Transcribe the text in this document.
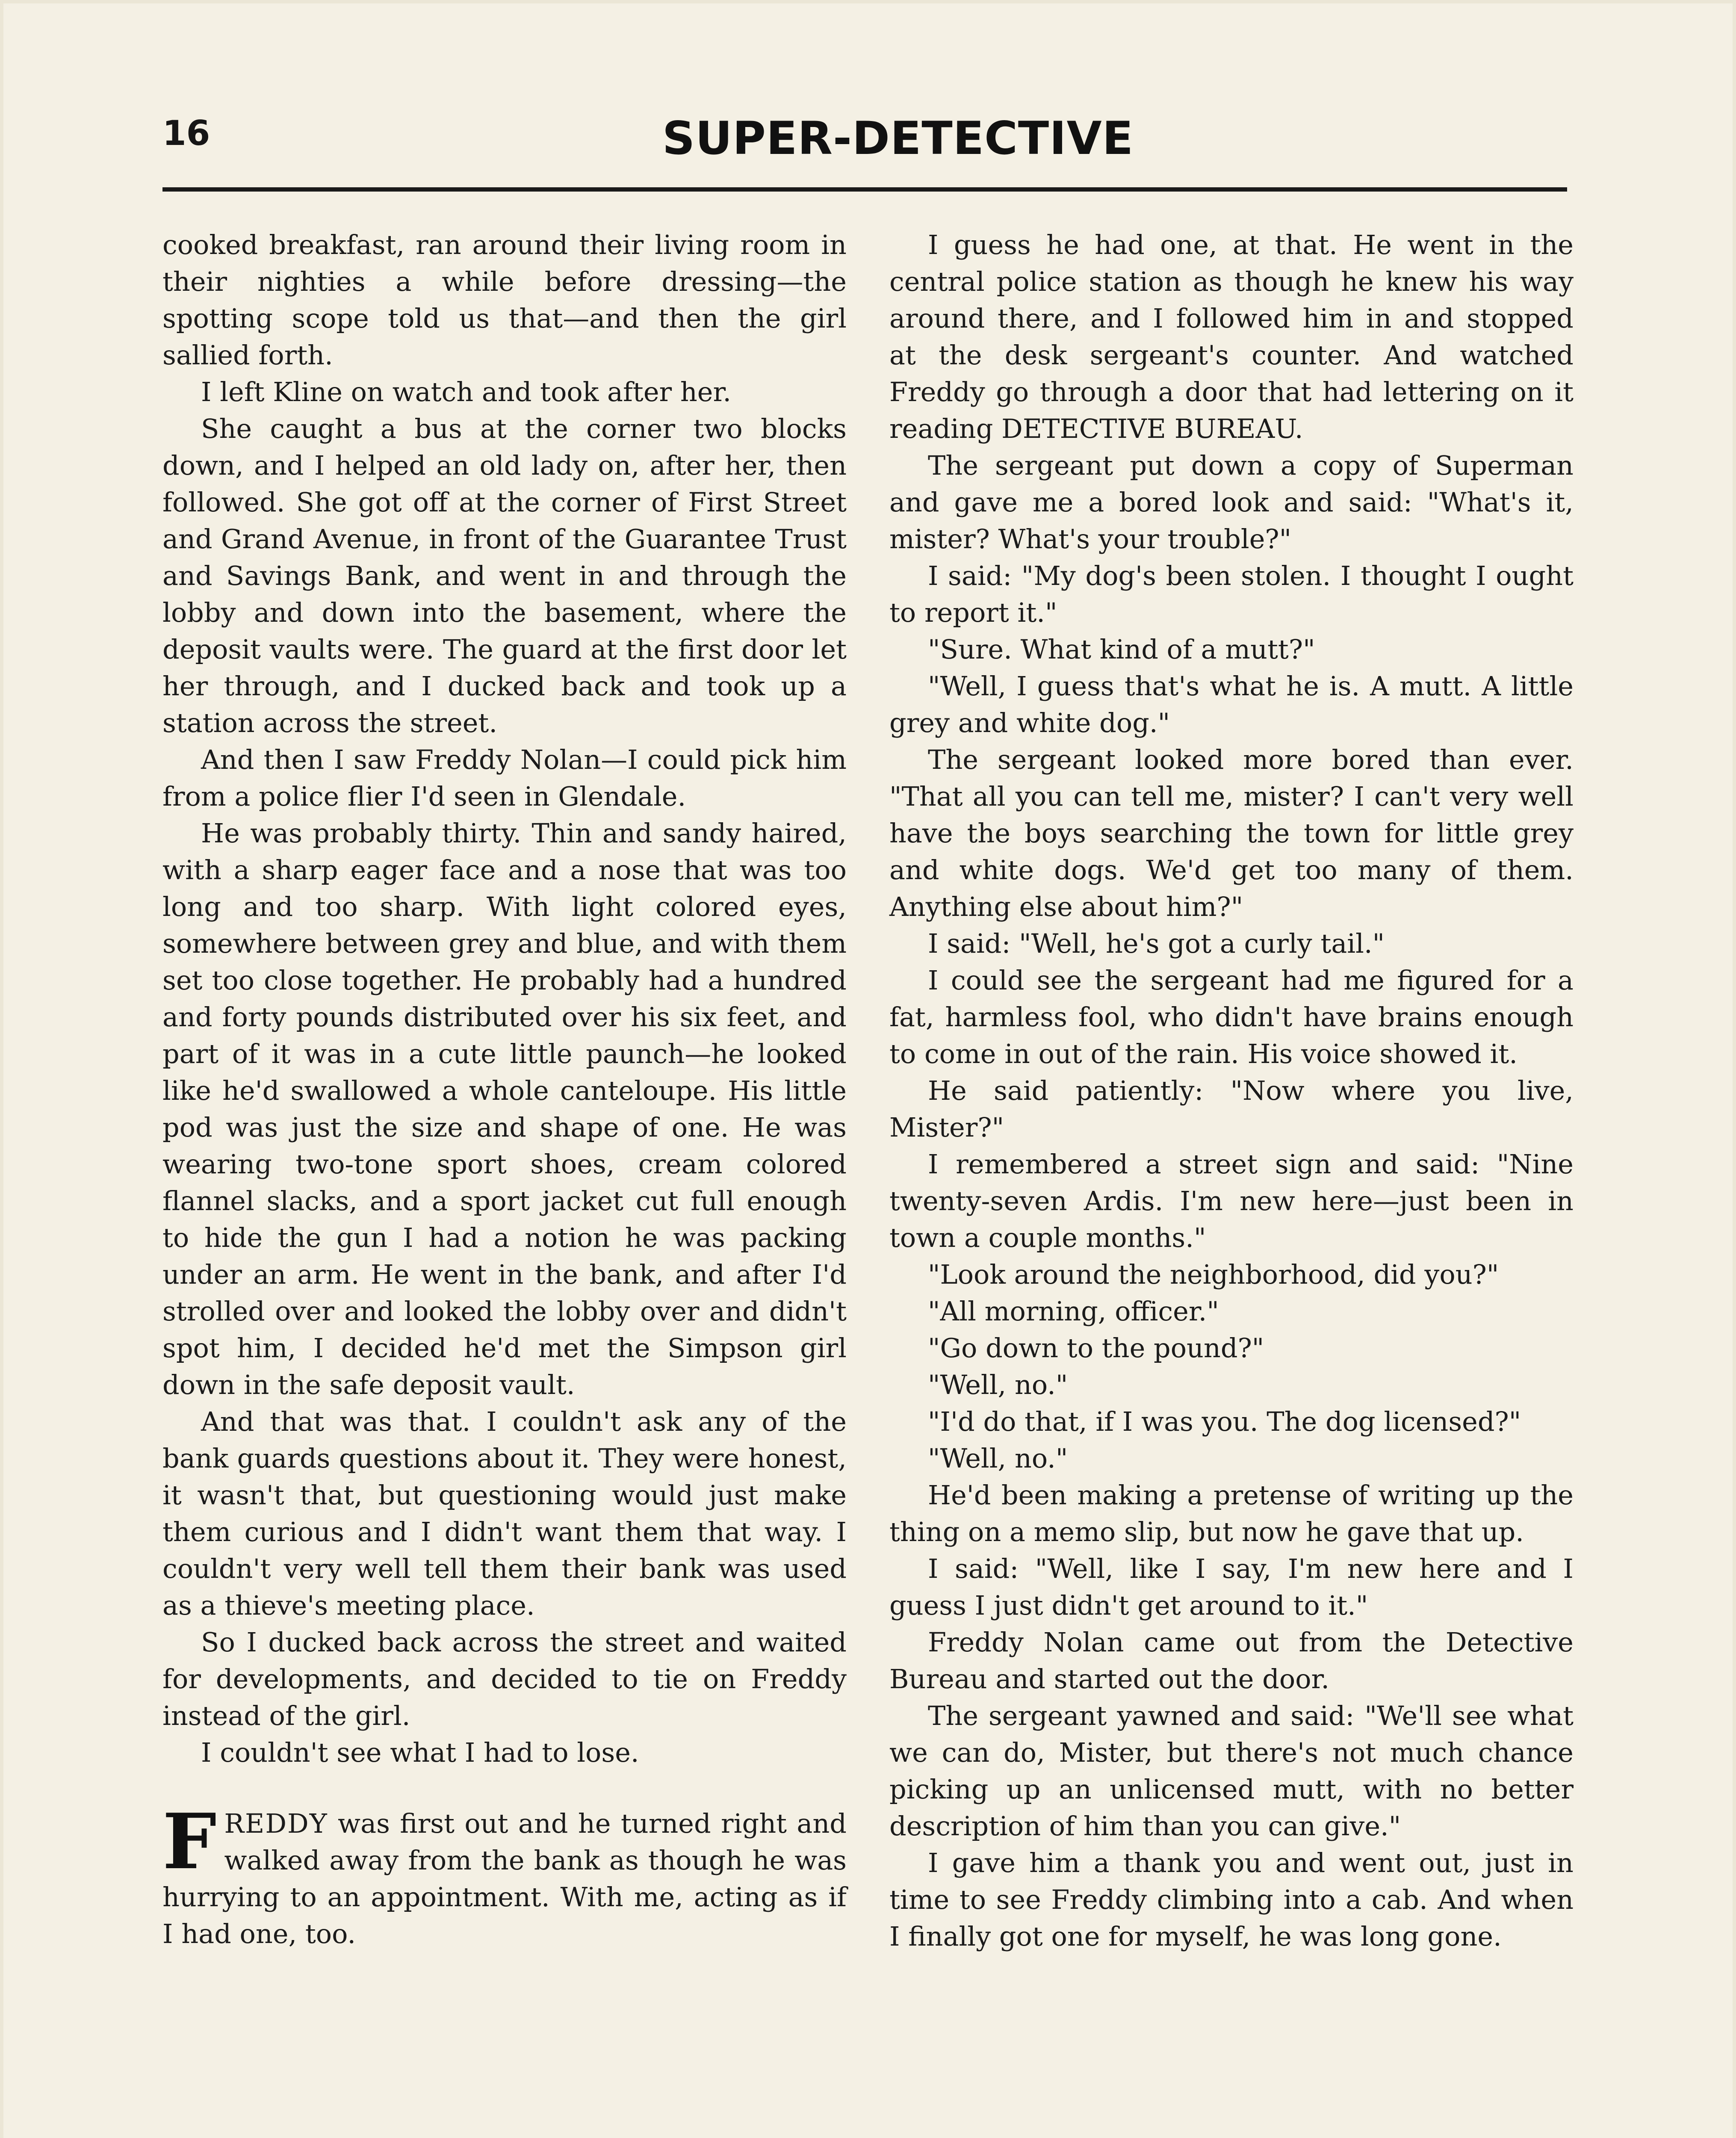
16	SUPER-DETECTIVE

cooked breakfast, ran around their living room in their nighties a while before dressing—the spotting scope told us that—and then the girl sallied forth.

I left Kline on watch and took after her.

She caught a bus at the corner two blocks down, and I helped an old lady on, after her, then followed. She got off at the corner of First Street and Grand Avenue, in front of the Guarantee Trust and Savings Bank, and went in and through the lobby and down into the basement, where the deposit vaults were. The guard at the first door let her through, and I ducked back and took up a station across the street.

And then I saw Freddy Nolan—I could pick him from a police flier I'd seen in Glendale.

He was probably thirty. Thin and sandy haired, with a sharp eager face and a nose that was too long and too sharp. With light colored eyes, somewhere between grey and blue, and with them set too close together. He probably had a hundred and forty pounds distributed over his six feet, and part of it was in a cute little paunch—he looked like he'd swallowed a whole canteloupe. His little pod was just the size and shape of one. He was wearing two-tone sport shoes, cream colored flannel slacks, and a sport jacket cut full enough to hide the gun I had a notion he was packing under an arm. He went in the bank, and after I'd strolled over and looked the lobby over and didn't spot him, I decided he'd met the Simpson girl down in the safe deposit vault.

And that was that. I couldn't ask any of the bank guards questions about it. They were honest, it wasn't that, but questioning would just make them curious and I didn't want them that way. I couldn't very well tell them their bank was used as a thieve's meeting place.

So I ducked back across the street and waited for developments, and decided to tie on Freddy instead of the girl.

I couldn't see what I had to lose.

FREDDY was first out and he turned right and walked away from the bank as though he was hurrying to an appointment. With me, acting as if I had one, too.

I guess he had one, at that. He went in the central police station as though he knew his way around there, and I followed him in and stopped at the desk sergeant's counter. And watched Freddy go through a door that had lettering on it reading DETECTIVE BUREAU.

The sergeant put down a copy of Superman and gave me a bored look and said: "What's it, mister? What's your trouble?"

I said: "My dog's been stolen. I thought I ought to report it."

"Sure. What kind of a mutt?"

"Well, I guess that's what he is. A mutt. A little grey and white dog."

The sergeant looked more bored than ever. "That all you can tell me, mister? I can't very well have the boys searching the town for little grey and white dogs. We'd get too many of them. Anything else about him?"

I said: "Well, he's got a curly tail."

I could see the sergeant had me figured for a fat, harmless fool, who didn't have brains enough to come in out of the rain. His voice showed it.

He said patiently: "Now where you live, Mister?"

I remembered a street sign and said: "Nine twenty-seven Ardis. I'm new here—just been in town a couple months."

"Look around the neighborhood, did you?"

"All morning, officer."

"Go down to the pound?"

"Well, no."

"I'd do that, if I was you. The dog licensed?"

"Well, no."

He'd been making a pretense of writing up the thing on a memo slip, but now he gave that up.

I said: "Well, like I say, I'm new here and I guess I just didn't get around to it."

Freddy Nolan came out from the Detective Bureau and started out the door.

The sergeant yawned and said: "We'll see what we can do, Mister, but there's not much chance picking up an unlicensed mutt, with no better description of him than you can give."

I gave him a thank you and went out, just in time to see Freddy climbing into a cab. And when I finally got one for myself, he was long gone.
